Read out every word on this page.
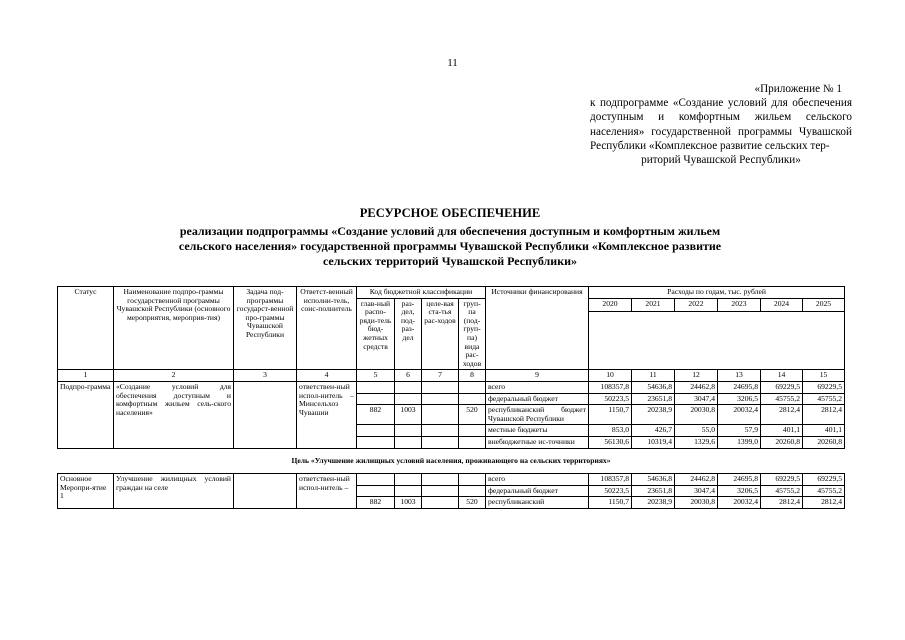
11
«Приложение № 1
к подпрограмме «Создание условий для обеспечения доступным и комфортным жильем сельского населения» государственной программы Чувашской Республики «Комплексное развитие сельских тер-
риторий Чувашской Республики»
РЕСУРСНОЕ ОБЕСПЕЧЕНИЕ
реализации подпрограммы «Создание условий для обеспечения доступным и комфортным жильем
сельского населения» государственной программы Чувашской Республики «Комплексное развитие
сельских территорий Чувашской Республики»
Статус	Наименование подпро-граммы государственной программы Чувашской Республики (основного мероприятия, мероприя-тия)	Задача под-программы государст-венной про-граммы Чувашской Республики	Ответст-венный исполни-тель, соис-полнитель	Код бюджетной классификации				Источники финансирования	Расходы по годам, тыс. рублей					
				глав-ный распо-ряди-тель бюд-жетных средств	раз-дел, под-раз-дел	целе-вая ста-тья рас-ходов	груп-па (под-груп-па) вида рас-ходов		2020	2021	2022	2023	2024	2025

1	2	3	4	5	6	7	8	9	10	11	12	13	14	15
Подпро-грамма	«Создание условий для обеспечения доступным и комфортным жильем сель-ского населения»		ответствен-ный испол-нитель – Минсельхоз Чувашии					всего	108357,8	54636,8	24462,8	24695,8	69229,5	69229,5
								федеральный бюджет	50223,5	23651,8	3047,4	3206,5	45755,2	45755,2
				882	1003		520	республиканский бюджет Чувашской Республики	1150,7	20238,9	20030,8	20032,4	2812,4	2812,4
								местные бюджеты	853,0	426,7	55,0	57,9	401,1	401,1
								внебюджетные ис-точники	56130,6	10319,4	1329,6	1399,0	20260,8	20260,8
Цель «Улучшение жилищных условий населения, проживающего на сельских территориях»														
Основное Меропри-ятие 1	Улучшение жилищных условий граждан на селе		ответствен-ный испол-нитель –					всего	108357,8	54636,8	24462,8	24695,8	69229,5	69229,5
								федеральный бюджет	50223,5	23651,8	3047,4	3206,5	45755,2	45755,2
				882	1003		520	республиканский	1150,7	20238,9	20030,8	20032,4	2812,4	2812,4
